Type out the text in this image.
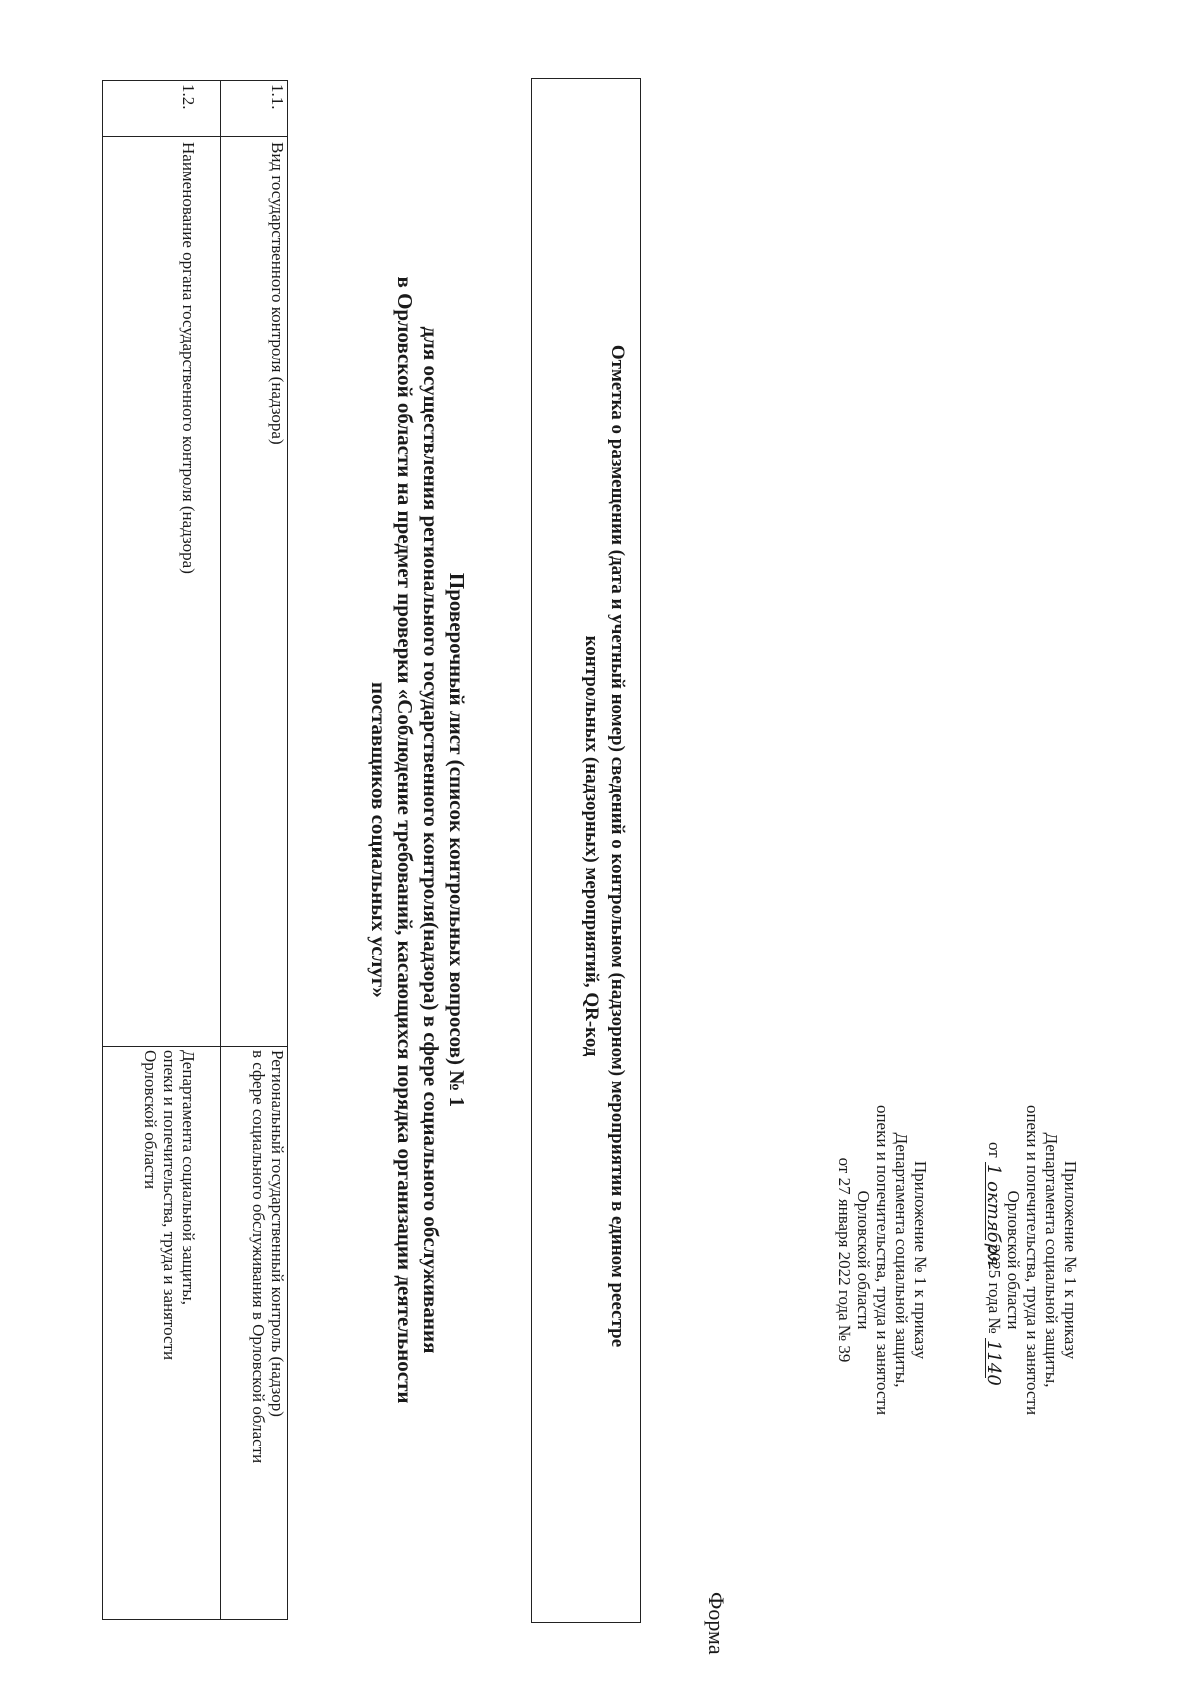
Форма
Приложение № 1 к приказу
Департамента социальной защиты,
опеки и попечительства, труда и занятости
Орловской области
от
1 октября
2025 года №
1140
Приложение № 1 к приказу
Департамента социальной защиты,
опеки и попечительства, труда и занятости
Орловской области
от 27 января 2022 года № 39
Отметка о размещении (дата и учетный номер) сведений о контрольном (надзорном) мероприятии в едином реестре
контрольных (надзорных) мероприятий, QR-код
Проверочный лист (список контрольных вопросов) № 1
для осуществления регионального государственного контроля(надзора) в сфере социального обслуживания
в Орловской области на предмет проверки «Соблюдение требований, касающихся порядка организации деятельности
поставщиков социальных услуг»
1.1.
Вид государственного контроля (надзора)
Региональный государственный контроль (надзор)
в сфере социального обслуживания в Орловской области
1.2.
Наименование органа государственного контроля (надзора)
Департамента социальной защиты,
опеки и попечительства, труда и занятости
Орловской области
